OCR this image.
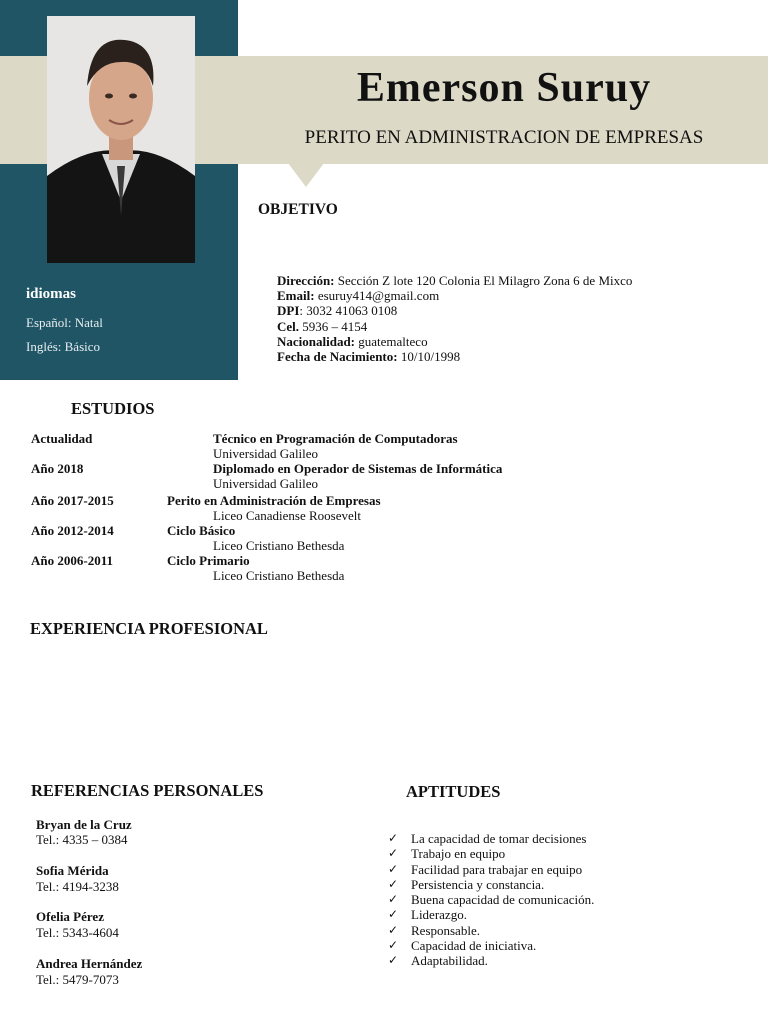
Emerson Suruy
PERITO EN ADMINISTRACION DE EMPRESAS
OBJETIVO
idiomas
Español: Natal
Inglés: Básico
Dirección: Sección Z lote 120 Colonia El Milagro Zona 6 de Mixco
Email: esuruy414@gmail.com
DPI: 3032 41063 0108
Cel. 5936 – 4154
Nacionalidad: guatemalteco
Fecha de Nacimiento: 10/10/1998
ESTUDIOS
Actualidad	Técnico en Programación de Computadoras
Universidad Galileo
Año 2018	Diplomado en Operador de Sistemas de Informática
Universidad Galileo
Año 2017-2015	Perito en Administración de Empresas
Liceo Canadiense Roosevelt
Año 2012-2014	Ciclo Básico
Liceo Cristiano Bethesda
Año 2006-2011	Ciclo Primario
Liceo Cristiano Bethesda
EXPERIENCIA PROFESIONAL
REFERENCIAS PERSONALES
Bryan de la Cruz
Tel.: 4335 – 0384
Sofia Mérida
Tel.: 4194-3238
Ofelia Pérez
Tel.: 5343-4604
Andrea Hernández
Tel.: 5479-7073
APTITUDES
✓ La capacidad de tomar decisiones
✓ Trabajo en equipo
✓ Facilidad para trabajar en equipo
✓ Persistencia y constancia.
✓ Buena capacidad de comunicación.
✓ Liderazgo.
✓ Responsable.
✓ Capacidad de iniciativa.
✓ Adaptabilidad.
